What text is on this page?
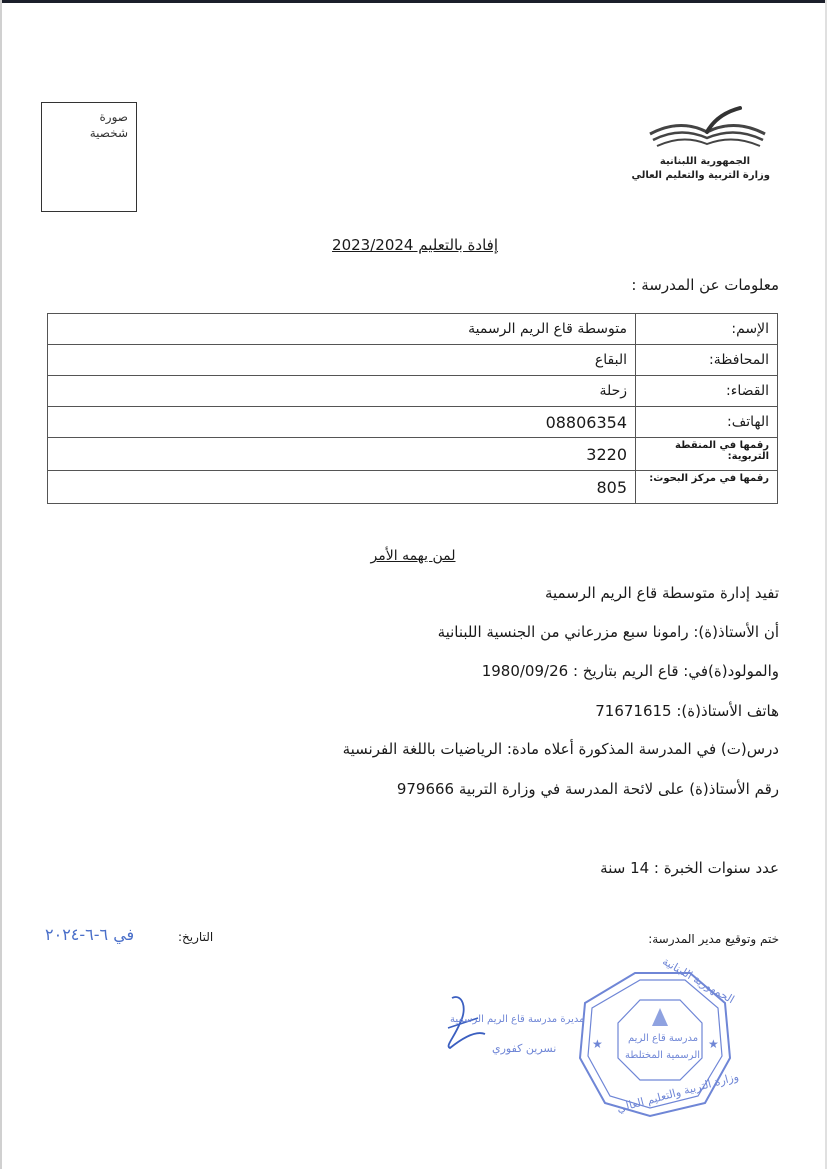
صورة
شخصية
الجمهورية اللبنانية
وزارة التربية والتعليم العالي
إفادة بالتعليم 2023/2024
معلومات عن المدرسة :
الإسم:	متوسطة قاع الريم الرسمية
المحافظة:	البقاع
القضاء:	زحلة
الهاتف:	08806354
رقمها في المنقطة التربوية:	3220
رقمها في مركز البحوث:	805
لمن يهمه الأمر
تفيد إدارة متوسطة قاع الريم الرسمية
أن الأستاذ(ة): رامونا سبع مزرعاني من الجنسية اللبنانية
والمولود(ة)في: قاع الريم بتاريخ : 1980/09/26
هاتف الأستاذ(ة): 71671615
درس(ت) في المدرسة المذكورة أعلاه مادة: الرياضيات باللغة الفرنسية
رقم الأستاذ(ة) على لائحة المدرسة في وزارة التربية 979666
عدد سنوات الخبرة : 14 سنة
ختم وتوقيع مدير المدرسة:
التاريخ:
في ٦-٦-٢٠٢٤
★
★
الجمهورية اللبنانية
وزارة التربية والتعليم العالي
مدرسة قاع الريم
الرسمية المختلطة
مديرة مدرسة قاع الريم الرسمية
نسرين كفوري
